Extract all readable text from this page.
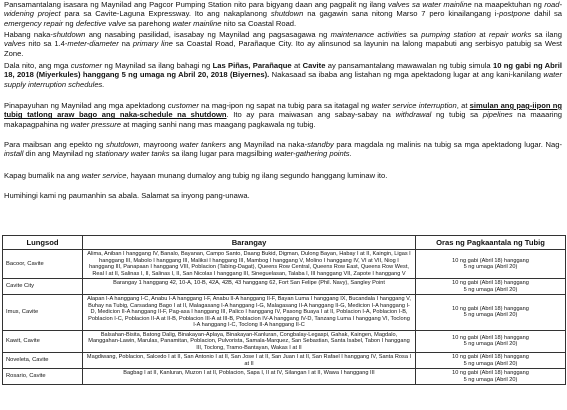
Pansamantalang isasara ng Maynilad ang Pagcor Pumping Station nito para bigyang daan ang pagpalit ng ilang valves sa water mainline na maapektuhan ng road-widening project para sa Cavite-Laguna Expressway. Ito ang nakaplanong shutdown na gagawin sana nitong Marso 7 pero kinailangang i-postpone dahil sa emergency repair ng defective valve sa parehong water mainline nito sa Coastal Road.

Habang naka-shutdown ang nasabing pasilidad, isasabay ng Maynilad ang pagsasagawa ng maintenance activities sa pumping station at repair works sa ilang valves nito sa 1.4-meter-diameter na primary line sa Coastal Road, Parañaque City. Ito ay alinsunod sa layunin na lalong mapabuti ang serbisyo patubig sa West Zone.

Dala nito, ang mga customer ng Maynilad sa ilang bahagi ng Las Piñas, Parañaque at Cavite ay pansamantalang mawawalan ng tubig simula 10 ng gabi ng Abril 18, 2018 (Miyerkules) hanggang 5 ng umaga ng Abril 20, 2018 (Biyernes). Nakasaad sa ibaba ang listahan ng mga apektadong lugar at ang kani-kanilang water supply interruption schedules.

Pinapayuhan ng Maynilad ang mga apektadong customer na mag-ipon ng sapat na tubig para sa itatagal ng water service interruption, at simulan ang pag-iipon ng tubig tatlong araw bago ang naka-schedule na shutdown. Ito ay para maiwasan ang sabay-sabay na withdrawal ng tubig sa pipelines na maaaring makapagpahina ng water pressure at maging sanhi nang mas maagang pagkawala ng tubig.

Para maibsan ang epekto ng shutdown, mayroong water tankers ang Maynilad na naka-standby para magdala ng malinis na tubig sa mga apektadong lugar. Nag-install din ang Maynilad ng stationary water tanks sa ilang lugar para magsilbing water-gathering points.

Kapag bumalik na ang water service, hayaan munang dumaloy ang tubig ng ilang segundo hanggang luminaw ito.

Humihingi kami ng paumanhin sa abala. Salamat sa inyong pang-unawa.

Lungsod	Barangay	Oras ng Pagkaantala ng Tubig
Bacoor, Cavite	Alima, Aniban I hanggang IV, Banalo, Bayanan, Campo Santo, Daang Bukid, Digman, Dulong Bayan, Habay I at II, Kaingin, Ligas I hanggang III, Mabolo I hanggang III, Maliksi I hanggang III, Mambog I hanggang V, Molino I hanggang IV, VI at VII, Niog I hanggang III, Panapaan I hanggang VIII, Poblacion (Tabing-Dagat), Queens Row Central, Queens Row East, Queens Row West, Real I at II, Salinas I, II, Salinas I, II, San Nicolas I hanggang III, Sineguelasan, Talaba I, III hanggang VII, Zapote I hanggang V	10 ng gabi (Abril 18) hanggang
5 ng umaga (Abril 20)

Cavite City	Barangay 1 hanggang 42, 10-A, 10-B, 42A, 42B, 43 hanggang 62, Fort San Felipe (Phil. Navy), Sangley Point	10 ng gabi (Abril 18) hanggang
5 ng umaga (Abril 20)

Imus, Cavite	Alapan I-A hanggang I-C, Anabu I-A hanggang I-F, Anabu II-A hanggang II-F, Bayan Luma I hanggang IX, Bucandala I hanggang V, Buhay na Tubig, Carsadang Bago I at II, Malagasang I-A hanggang I-G, Malagasang II-A hanggang II-G, Medicion I-A hanggang I-D, Medicion II-A hanggang II-F, Pag-asa I hanggang III, Palico I hanggang IV, Pasong Buaya I at II, Poblacion I-A, Poblacion I-B, Poblacion I-C, Poblacion II-A at II-B, Poblacion III-A at III-B, Poblacion IV-A hanggang IV-D, Tanzang Luma I hanggang VI, Toclong I-A hanggang I-C, Toclong II-A hanggang II-C	10 ng gabi (Abril 18) hanggang
5 ng umaga (Abril 20)

Kawit, Cavite	Balsahan-Bisita, Batong Dalig, Binakayan-Aplaya, Binakayan-Kanluran, Congbalay-Legaspi, Gahak, Kaingen, Magdalo, Manggahan-Lawin, Marulas, Panamitan, Poblacion, Pulvorista, Samala-Marquez, San Sebastian, Santa Isabel, Tabon I hanggang III, Toclong, Tramo-Bantayan, Wakas I at II	10 ng gabi (Abril 18) hanggang
5 ng umaga (Abril 20)

Noveleta, Cavite	Magdiwang, Poblacion, Salcedo I at II, San Antonio I at II, San Jose I at II, San Juan I at II, San Rafael I hanggang IV, Santa Rosa I at II	10 ng gabi (Abril 18) hanggang
5 ng umaga (Abril 20)

Rosario, Cavite	Bagbag I at II, Kanluran, Muzon I at II, Poblacion, Sapa I, II at IV, Silangan I at II, Wawa I hanggang III	10 ng gabi (Abril 18) hanggang
5 ng umaga (Abril 20)
